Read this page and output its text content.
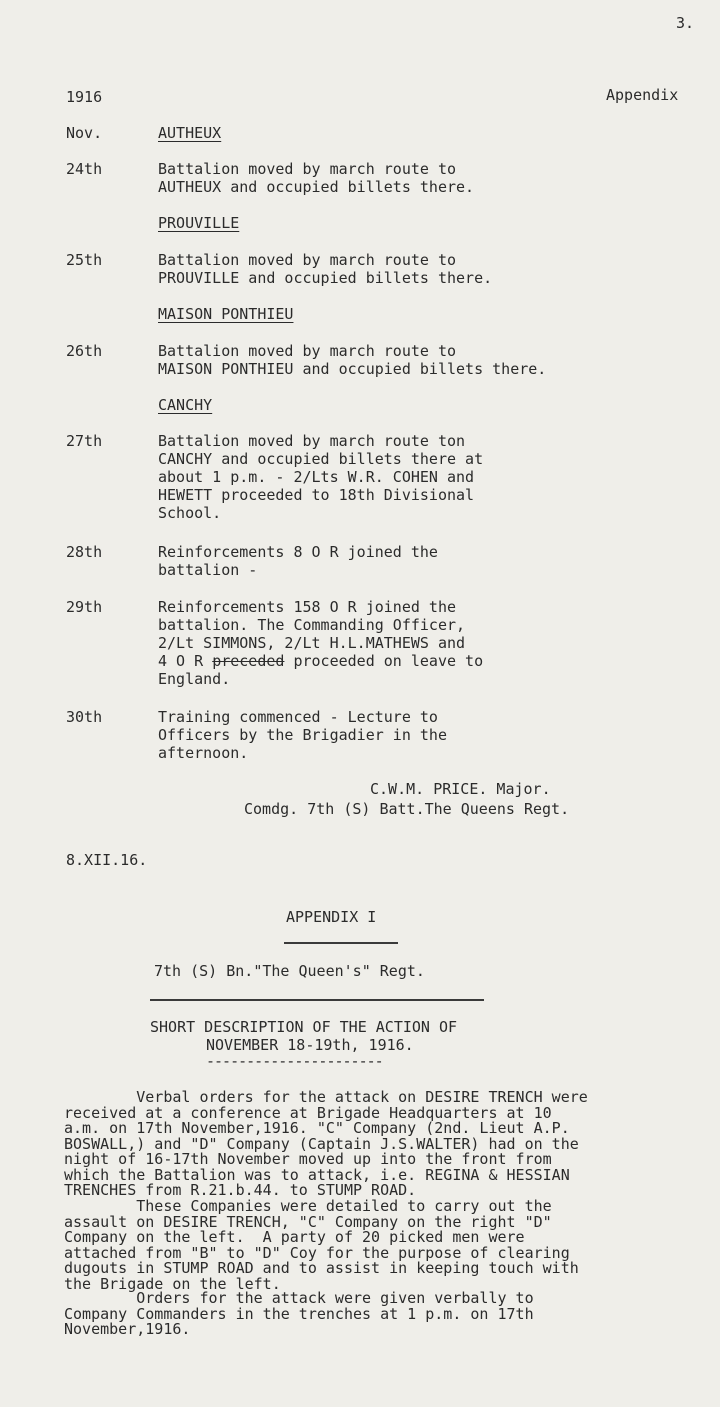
3.
1916	Appendix
Nov.	AUTHEUX
24th	Battalion moved by march route to
AUTHEUX and occupied billets there.
PROUVILLE
25th	Battalion moved by march route to
PROUVILLE and occupied billets there.
MAISON PONTHIEU
26th	Battalion moved by march route to
MAISON PONTHIEU and occupied billets there.
CANCHY
27th	Battalion moved by march route ton
CANCHY and occupied billets there at
about 1 p.m. - 2/Lts W.R. COHEN and
HEWETT proceeded to 18th Divisional
School.
28th	Reinforcements 8 O R joined the
battalion -
29th	Reinforcements 158 O R joined the
battalion. The Commanding Officer,
2/Lt SIMMONS, 2/Lt H.L.MATHEWS and
4 O R preceded proceeded on leave to
England.
30th	Training commenced - Lecture to
Officers by the Brigadier in the
afternoon.
C.W.M. PRICE. Major.
Comdg. 7th (S) Batt.The Queens Regt.
8.XII.16.
APPENDIX I
7th (S) Bn."The Queen's" Regt.
SHORT DESCRIPTION OF THE ACTION OF
NOVEMBER 18-19th, 1916.
----------------------
Verbal orders for the attack on DESIRE TRENCH were
received at a conference at Brigade Headquarters at 10
a.m. on 17th November,1916. "C" Company (2nd. Lieut A.P.
BOSWALL,) and "D" Company (Captain J.S.WALTER) had on the
night of 16-17th November moved up into the front from
which the Battalion was to attack, i.e. REGINA & HESSIAN
TRENCHES from R.21.b.44. to STUMP ROAD.
These Companies were detailed to carry out the
assault on DESIRE TRENCH, "C" Company on the right "D"
Company on the left.  A party of 20 picked men were
attached from "B" to "D" Coy for the purpose of clearing
dugouts in STUMP ROAD and to assist in keeping touch with
the Brigade on the left.
Orders for the attack were given verbally to
Company Commanders in the trenches at 1 p.m. on 17th
November,1916.
